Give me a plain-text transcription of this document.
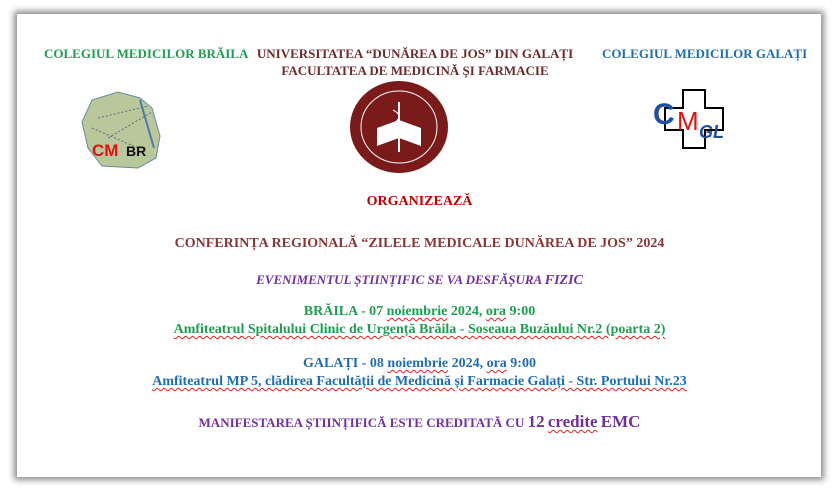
COLEGIUL MEDICILOR BRĂILA UNIVERSITATEA “DUNĂREA DE JOS” DIN GALAȚI
FACULTATEA DE MEDICINĂ ȘI FARMACIE
COLEGIUL MEDICILOR GALAȚI
CM BR
C M GL
ORGANIZEAZĂ
CONFERINȚA REGIONALĂ “ZILELE MEDICALE DUNĂREA DE JOS” 2024
EVENIMENTUL ȘTIINȚIFIC SE VA DESFĂȘURA FIZIC
BRĂILA - 07 noiembrie 2024, ora 9:00
Amfiteatrul Spitalului Clinic de Urgență Brăila - Soseaua Buzăului Nr.2 (poarta 2)
GALAȚI - 08 noiembrie 2024, ora 9:00
Amfiteatrul MP 5, clădirea Facultății de Medicină și Farmacie Galați - Str. Portului Nr.23
MANIFESTAREA ȘTIINȚIFICĂ ESTE CREDITATĂ CU 12 credite EMC
